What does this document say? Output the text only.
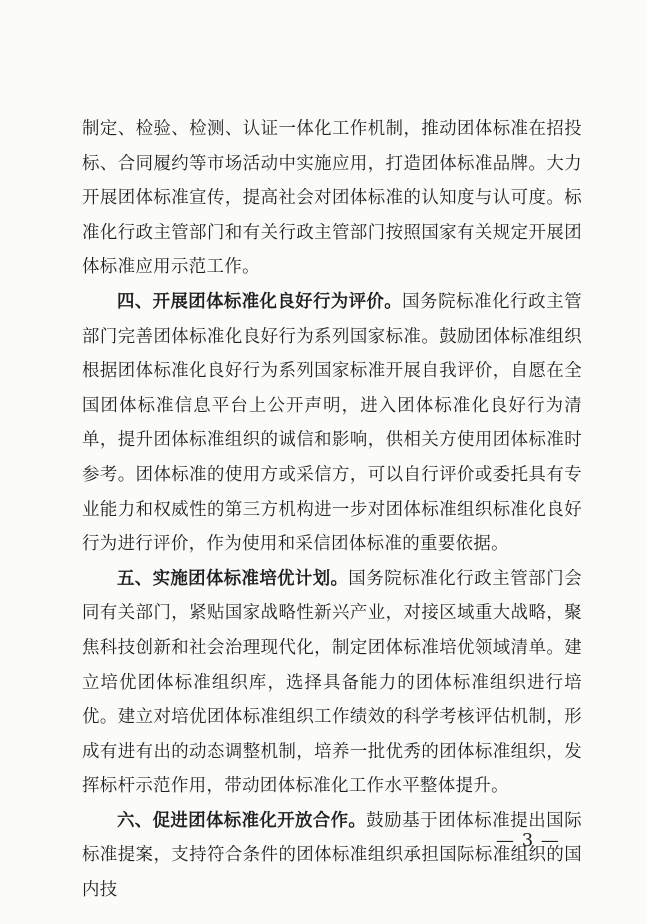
制定、检验、检测、认证一体化工作机制，推动团体标准在招投标、合同履约等市场活动中实施应用，打造团体标准品牌。大力开展团体标准宣传，提高社会对团体标准的认知度与认可度。标准化行政主管部门和有关行政主管部门按照国家有关规定开展团体标准应用示范工作。

四、开展团体标准化良好行为评价。国务院标准化行政主管部门完善团体标准化良好行为系列国家标准。鼓励团体标准组织根据团体标准化良好行为系列国家标准开展自我评价，自愿在全国团体标准信息平台上公开声明，进入团体标准化良好行为清单，提升团体标准组织的诚信和影响，供相关方使用团体标准时参考。团体标准的使用方或采信方，可以自行评价或委托具有专业能力和权威性的第三方机构进一步对团体标准组织标准化良好行为进行评价，作为使用和采信团体标准的重要依据。

五、实施团体标准培优计划。国务院标准化行政主管部门会同有关部门，紧贴国家战略性新兴产业，对接区域重大战略，聚焦科技创新和社会治理现代化，制定团体标准培优领域清单。建立培优团体标准组织库，选择具备能力的团体标准组织进行培优。建立对培优团体标准组织工作绩效的科学考核评估机制，形成有进有出的动态调整机制，培养一批优秀的团体标准组织，发挥标杆示范作用，带动团体标准化工作水平整体提升。

六、促进团体标准化开放合作。鼓励基于团体标准提出国际标准提案，支持符合条件的团体标准组织承担国际标准组织的国内技

— 3 —
